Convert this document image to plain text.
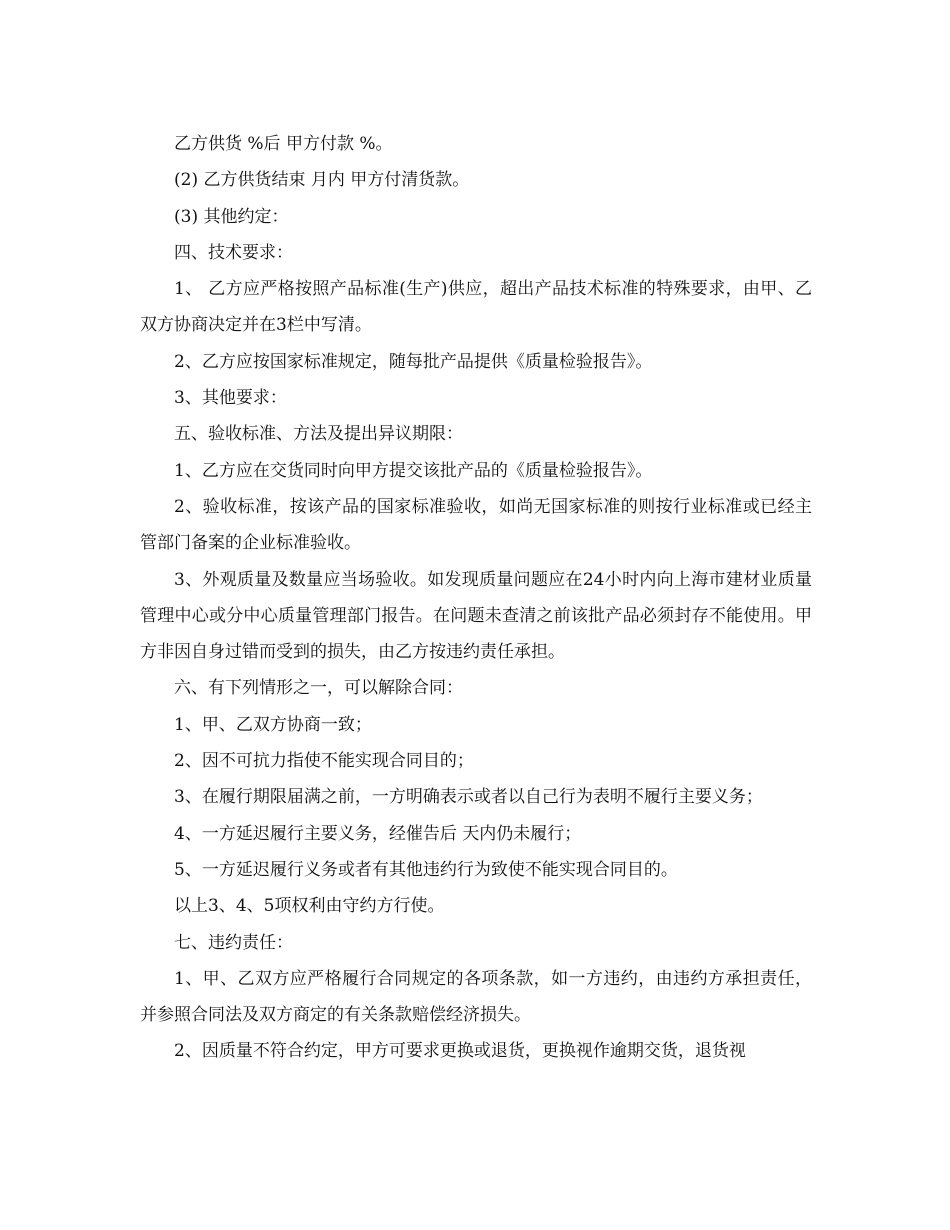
乙方供货 %后 甲方付款 %。

(2) 乙方供货结束 月内 甲方付清货款。

(3) 其他约定：

四、技术要求：

1、 乙方应严格按照产品标准(生产)供应，超出产品技术标准的特殊要求，由甲、乙双方协商决定并在3栏中写清。

2、乙方应按国家标准规定，随每批产品提供《质量检验报告》。

3、其他要求：

五、验收标准、方法及提出异议期限：

1、乙方应在交货同时向甲方提交该批产品的《质量检验报告》。

2、验收标准，按该产品的国家标准验收，如尚无国家标准的则按行业标准或已经主管部门备案的企业标准验收。

3、外观质量及数量应当场验收。如发现质量问题应在24小时内向上海市建材业质量管理中心或分中心质量管理部门报告。在问题未查清之前该批产品必须封存不能使用。甲方非因自身过错而受到的损失，由乙方按违约责任承担。

六、有下列情形之一，可以解除合同：

1、甲、乙双方协商一致；

2、因不可抗力指使不能实现合同目的；

3、在履行期限届满之前，一方明确表示或者以自己行为表明不履行主要义务；

4、一方延迟履行主要义务，经催告后 天内仍未履行；

5、一方延迟履行义务或者有其他违约行为致使不能实现合同目的。

以上3、4、5项权利由守约方行使。

七、违约责任：

1、甲、乙双方应严格履行合同规定的各项条款，如一方违约，由违约方承担责任，并参照合同法及双方商定的有关条款赔偿经济损失。

2、因质量不符合约定，甲方可要求更换或退货，更换视作逾期交货，退货视
